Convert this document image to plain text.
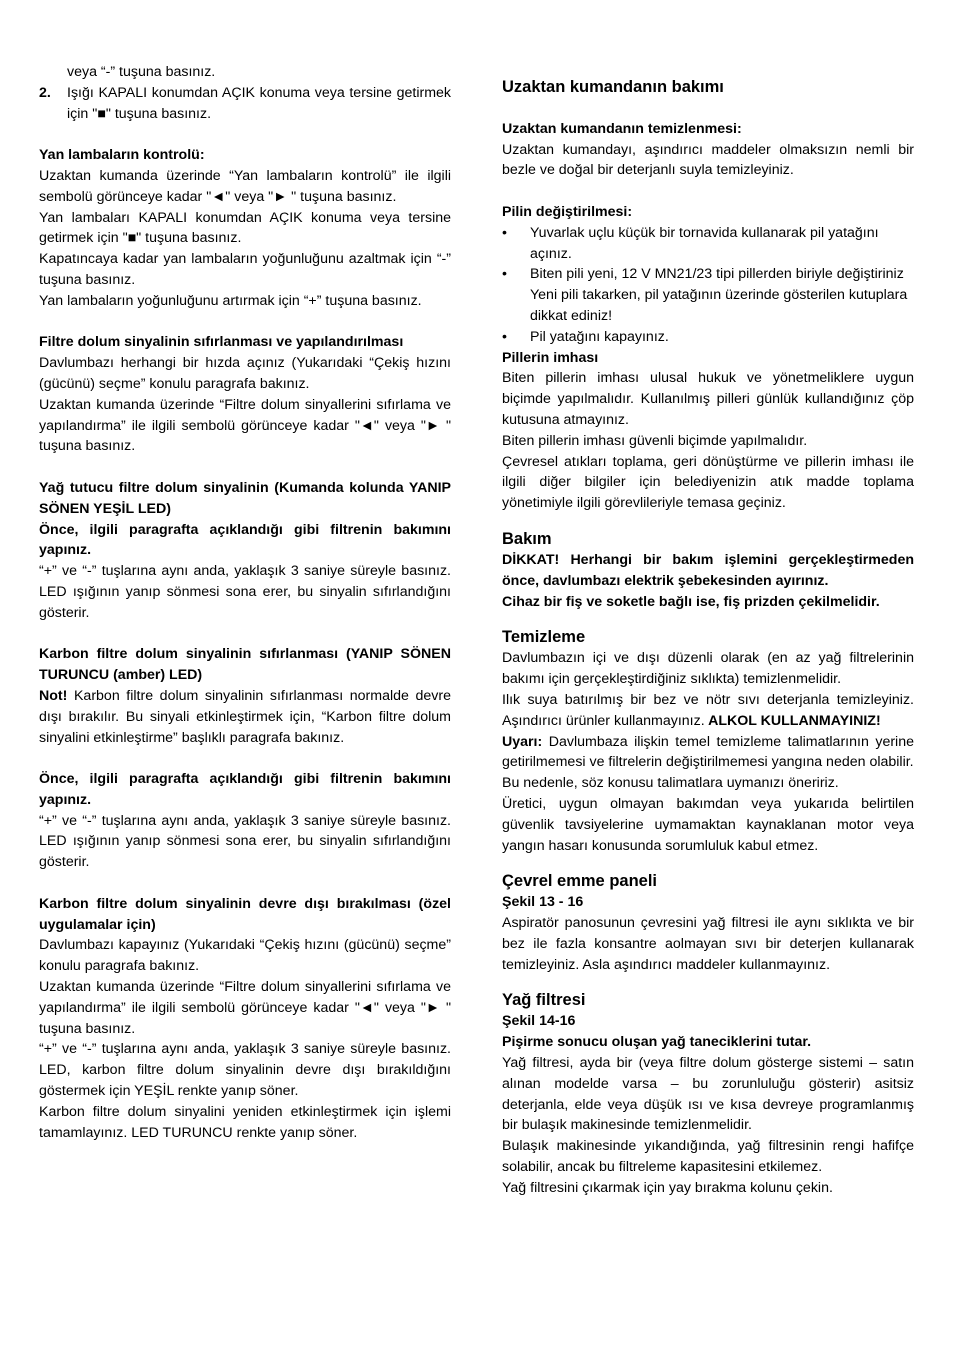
veya “-” tuşuna basınız.

2.	Işığı KAPALI konumdan AÇIK konuma veya tersine getirmek için "■" tuşuna basınız.

Yan lambaların kontrolü:

Uzaktan kumanda üzerinde “Yan lambaların kontrolü” ile ilgili sembolü görünceye kadar "◄" veya "► " tuşuna basınız.

Yan lambaları KAPALI konumdan AÇIK konuma veya tersine getirmek için "■" tuşuna basınız.

Kapatıncaya kadar yan lambaların yoğunluğunu azaltmak için “-” tuşuna basınız.

Yan lambaların yoğunluğunu artırmak için “+” tuşuna basınız.

Filtre dolum sinyalinin sıfırlanması ve yapılandırılması

Davlumbazı herhangi bir hızda açınız (Yukarıdaki “Çekiş hızını (gücünü) seçme” konulu paragrafa bakınız.

Uzaktan kumanda üzerinde “Filtre dolum sinyallerini sıfırlama ve yapılandırma” ile ilgili sembolü görünceye kadar "◄" veya "► " tuşuna basınız.

Yağ tutucu filtre dolum sinyalinin (Kumanda kolunda YANIP SÖNEN YEŞİL LED)

Önce, ilgili paragrafta açıklandığı gibi filtrenin bakımını yapınız.

“+” ve “-” tuşlarına aynı anda, yaklaşık 3 saniye süreyle basınız. LED ışığının yanıp sönmesi sona erer, bu sinyalin sıfırlandığını gösterir.

Karbon filtre dolum sinyalinin sıfırlanması (YANIP SÖNEN TURUNCU (amber) LED)

Not! Karbon filtre dolum sinyalinin sıfırlanması normalde devre dışı bırakılır. Bu sinyali etkinleştirmek için, “Karbon filtre dolum sinyalini etkinleştirme” başlıklı paragrafa bakınız.

Önce, ilgili paragrafta açıklandığı gibi filtrenin bakımını yapınız.

“+” ve “-” tuşlarına aynı anda, yaklaşık 3 saniye süreyle basınız. LED ışığının yanıp sönmesi sona erer, bu sinyalin sıfırlandığını gösterir.

Karbon filtre dolum sinyalinin devre dışı bırakılması (özel uygulamalar için)

Davlumbazı kapayınız (Yukarıdaki “Çekiş hızını (gücünü) seçme” konulu paragrafa bakınız.

Uzaktan kumanda üzerinde “Filtre dolum sinyallerini sıfırlama ve yapılandırma” ile ilgili sembolü görünceye kadar "◄" veya "► " tuşuna basınız.

“+” ve “-” tuşlarına aynı anda, yaklaşık 3 saniye süreyle basınız. LED, karbon filtre dolum sinyalinin devre dışı bırakıldığını göstermek için YEŞİL renkte yanıp söner.

Karbon filtre dolum sinyalini yeniden etkinleştirmek için işlemi tamamlayınız. LED TURUNCU renkte yanıp söner.

Uzaktan kumandanın bakımı

Uzaktan kumandanın temizlenmesi:

Uzaktan kumandayı, aşındırıcı maddeler olmaksızın nemli bir bezle ve doğal bir deterjanlı suyla temizleyiniz.

Pilin değiştirilmesi:

•	Yuvarlak uçlu küçük bir tornavida kullanarak pil yatağını açınız.
•	Biten pili yeni, 12 V MN21/23 tipi pillerden biriyle değiştiriniz
Yeni pili takarken, pil yatağının üzerinde gösterilen kutuplara dikkat ediniz!
•	Pil yatağını kapayınız.

Pillerin imhası

Biten pillerin imhası ulusal hukuk ve yönetmeliklere uygun biçimde yapılmalıdır. Kullanılmış pilleri günlük kullandığınız çöp kutusuna atmayınız.

Biten pillerin imhası güvenli biçimde yapılmalıdır.

Çevresel atıkları toplama, geri dönüştürme ve pillerin imhası ile ilgili diğer bilgiler için belediyenizin atık madde toplama yönetimiyle ilgili görevlileriyle temasa geçiniz.

Bakım

DİKKAT! Herhangi bir bakım işlemini gerçekleştirmeden önce, davlumbazı elektrik şebekesinden ayırınız.

Cihaz bir fiş ve soketle bağlı ise, fiş prizden çekilmelidir.

Temizleme

Davlumbazın içi ve dışı düzenli olarak (en az yağ filtrelerinin bakımı için gerçekleştirdiğiniz sıklıkta) temizlenmelidir.

Ilık suya batırılmış bir bez ve nötr sıvı deterjanla temizleyiniz. Aşındırıcı ürünler kullanmayınız. ALKOL KULLANMAYINIZ!

Uyarı: Davlumbaza ilişkin temel temizleme talimatlarının yerine getirilmemesi ve filtrelerin değiştirilmemesi yangına neden olabilir.

Bu nedenle, söz konusu talimatlara uymanızı öneririz.

Üretici, uygun olmayan bakımdan veya yukarıda belirtilen güvenlik tavsiyelerine uymamaktan kaynaklanan motor veya yangın hasarı konusunda sorumluluk kabul etmez.

Çevrel emme paneli

Şekil 13 - 16

Aspiratör panosunun çevresini yağ filtresi ile aynı sıklıkta ve bir bez ile fazla konsantre aolmayan sıvı bir deterjen kullanarak temizleyiniz. Asla aşındırıcı maddeler kullanmayınız.

Yağ filtresi

Şekil 14-16

Pişirme sonucu oluşan yağ taneciklerini tutar.

Yağ filtresi, ayda bir (veya filtre dolum gösterge sistemi – satın alınan modelde varsa – bu zorunluluğu gösterir) asitsiz deterjanla, elde veya düşük ısı ve kısa devreye programlanmış bir bulaşık makinesinde temizlenmelidir.

Bulaşık makinesinde yıkandığında, yağ filtresinin rengi hafifçe solabilir, ancak bu filtreleme kapasitesini etkilemez.

Yağ filtresini çıkarmak için yay bırakma kolunu çekin.
